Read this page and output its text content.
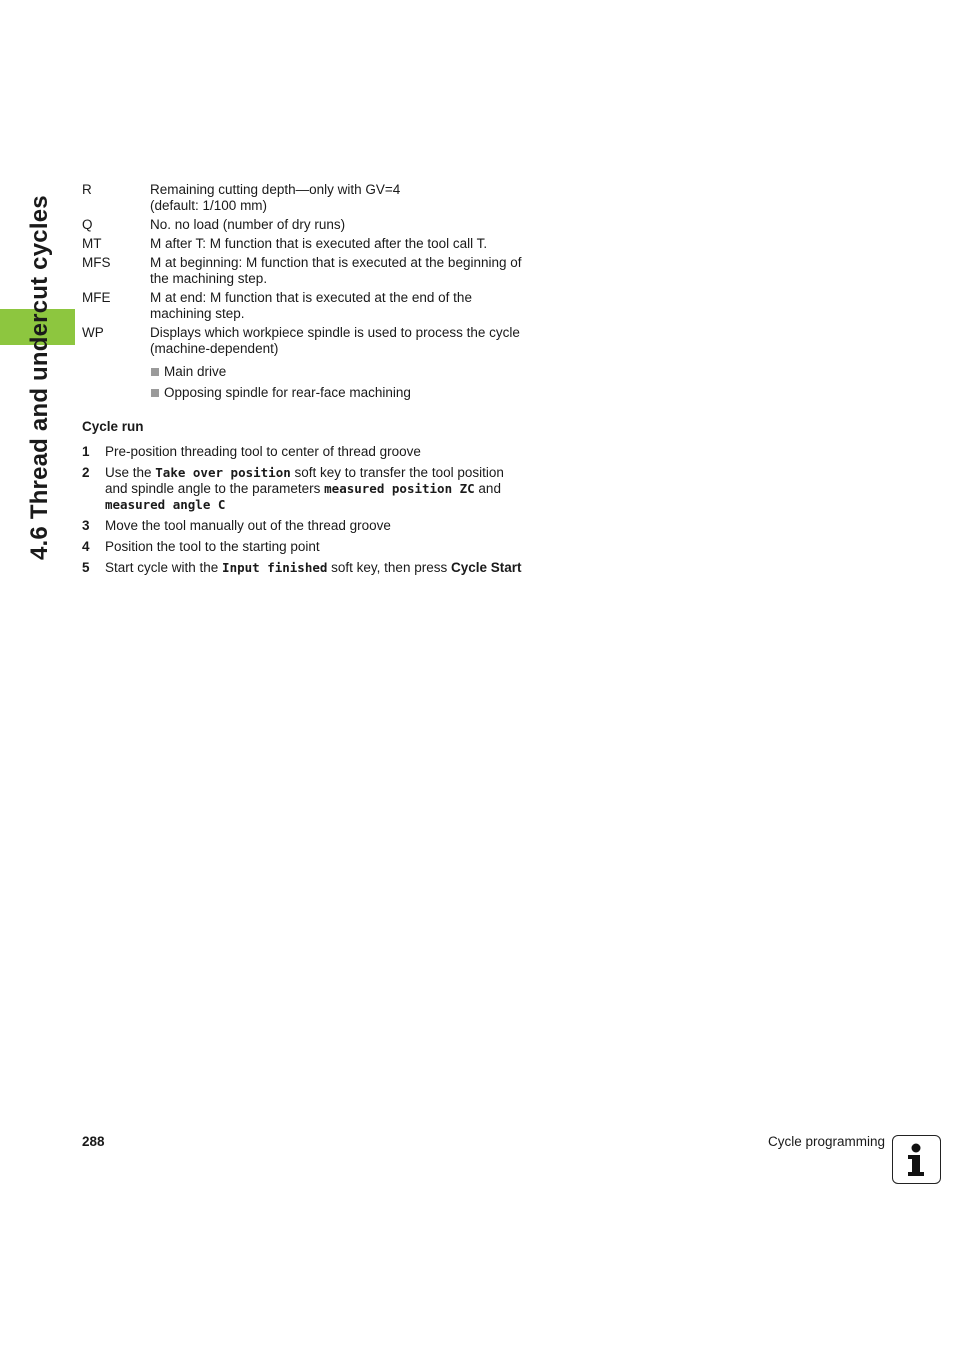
4.6 Thread and undercut cycles
R	Remaining cutting depth—only with GV=4
(default: 1/100 mm)
Q	No. no load (number of dry runs)
MT	M after T: M function that is executed after the tool call T.
MFS	M at beginning: M function that is executed at the beginning of the machining step.
MFE	M at end: M function that is executed at the end of the machining step.
WP	Displays which workpiece spindle is used to process the cycle (machine-dependent)
Main drive
Opposing spindle for rear-face machining
Cycle run
1	Pre-position threading tool to center of thread groove
2	Use the Take over position soft key to transfer the tool position and spindle angle to the parameters measured position ZC and measured angle C
3	Move the tool manually out of the thread groove
4	Position the tool to the starting point
5	Start cycle with the Input finished soft key, then press Cycle Start
288	Cycle programming
